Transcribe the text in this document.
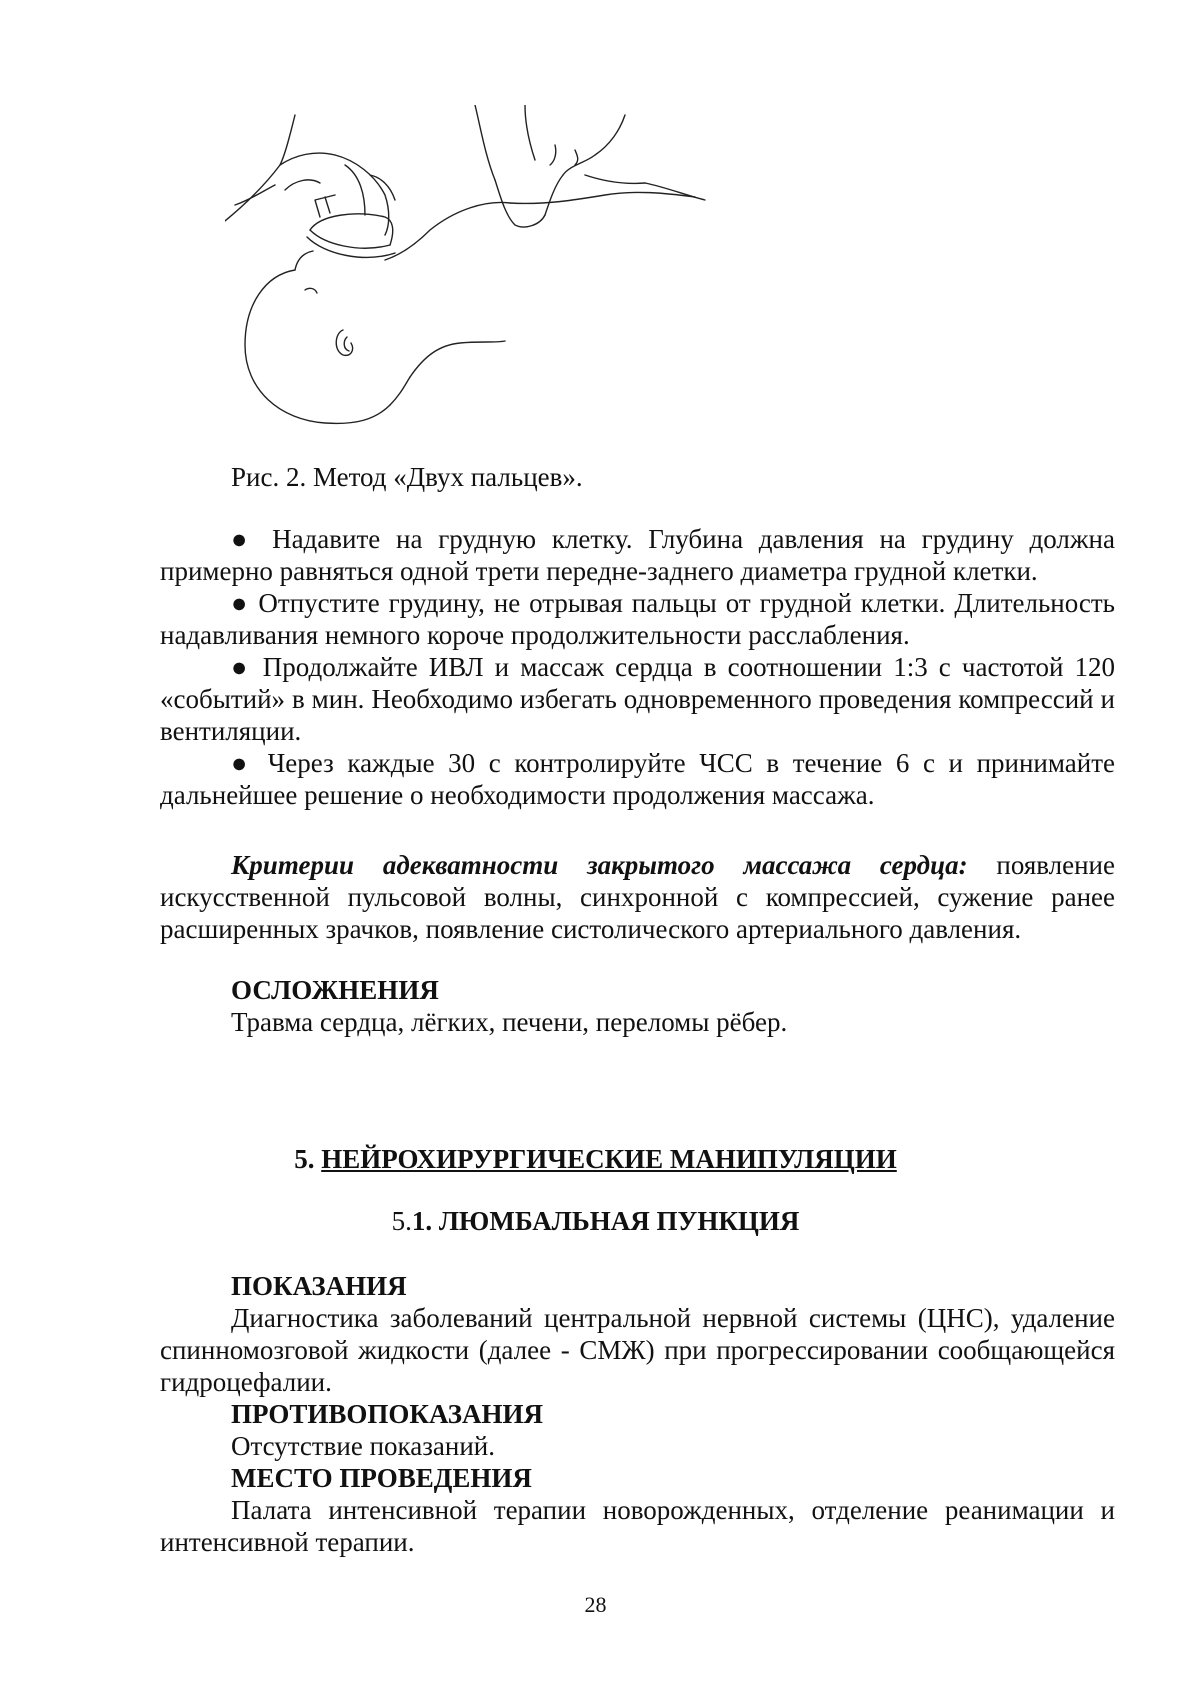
Рис. 2. Метод «Двух пальцев».

● Надавите на грудную клетку. Глубина давления на грудину должна примерно равняться одной трети передне-заднего диаметра грудной клетки.

● Отпустите грудину, не отрывая пальцы от грудной клетки. Длительность надавливания немного короче продолжительности расслабления.

● Продолжайте ИВЛ и массаж сердца в соотношении 1:3 с частотой 120 «событий» в мин. Необходимо избегать одновременного проведения компрессий и вентиляции.

● Через каждые 30 с контролируйте ЧСС в течение 6 с и принимайте дальнейшее решение о необходимости продолжения массажа.

Критерии адекватности закрытого массажа сердца: появление искусственной пульсовой волны, синхронной с компрессией, сужение ранее расширенных зрачков, появление систолического артериального давления.

ОСЛОЖНЕНИЯ

Травма сердца, лёгких, печени, переломы рёбер.

5. НЕЙРОХИРУРГИЧЕСКИЕ МАНИПУЛЯЦИИ
5.1. ЛЮМБАЛЬНАЯ ПУНКЦИЯ

ПОКАЗАНИЯ

Диагностика заболеваний центральной нервной системы (ЦНС), удаление спинномозговой жидкости (далее - СМЖ) при прогрессировании сообщающейся гидроцефалии.

ПРОТИВОПОКАЗАНИЯ

Отсутствие показаний.

МЕСТО ПРОВЕДЕНИЯ

Палата интенсивной терапии новорожденных, отделение реанимации и интенсивной терапии.

28
